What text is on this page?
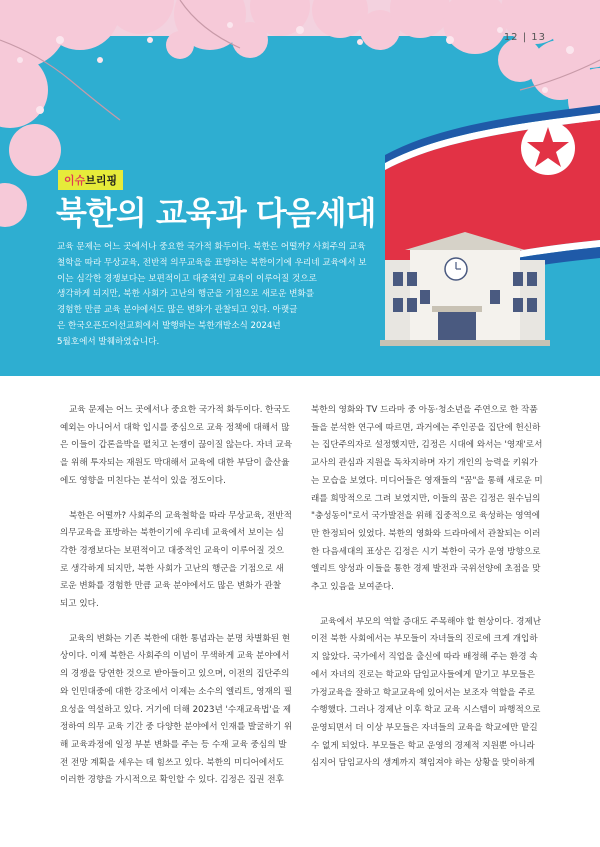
12 | 13
이슈브리핑
북한의 교육과 다음세대
교육 문제는 어느 곳에서나 중요한 국가적 화두이다. 북한은 어떨까? 사회주의 교육
철학을 따라 무상교육, 전반적 의무교육을 표방하는 북한이기에 우리네 교육에서 보
이는 심각한 경쟁보다는 보편적이고 대중적인 교육이 이루어질 것으로
생각하게 되지만, 북한 사회가 고난의 행군을 기점으로 새로운 변화를
경험한 만큼 교육 분야에서도 많은 변화가 관찰되고 있다. 아랫글
은 한국오픈도어선교회에서 발행하는 북한개발소식 2024년
5월호에서 발췌하였습니다.

교육 문제는 어느 곳에서나 중요한 국가적 화두이다. 한국도
예외는 아니어서 대학 입시를 중심으로 교육 정책에 대해서 많
은 이들이 갑론을박을 펼치고 논쟁이 끊이질 않는다. 자녀 교육
을 위해 투자되는 재원도 막대해서 교육에 대한 부담이 출산율
에도 영향을 미친다는 분석이 있을 정도이다.

북한은 어떨까? 사회주의 교육철학을 따라 무상교육, 전반적
의무교육을 표방하는 북한이기에 우리네 교육에서 보이는 심
각한 경쟁보다는 보편적이고 대중적인 교육이 이루어질 것으
로 생각하게 되지만, 북한 사회가 고난의 행군을 기점으로 새
로운 변화를 경험한 만큼 교육 분야에서도 많은 변화가 관찰
되고 있다.

교육의 변화는 기존 북한에 대한 통념과는 분명 차별화된 현
상이다. 이제 북한은 사회주의 이념이 무색하게 교육 분야에서
의 경쟁을 당연한 것으로 받아들이고 있으며, 이전의 집단주의
와 인민대중에 대한 강조에서 이제는 소수의 엘리트, 영재의 필
요성을 역설하고 있다. 거기에 더해 2023년 '수재교육법'을 제
정하여 의무 교육 기간 중 다양한 분야에서 인재를 발굴하기 위
해 교육과정에 일정 부분 변화를 주는 등 수재 교육 중심의 발
전 전망 계획을 세우는 데 힘쓰고 있다. 북한의 미디어에서도
이러한 경향을 가시적으로 확인할 수 있다. 김정은 집권 전후

북한의 영화와 TV 드라마 중 아동·청소년을 주연으로 한 작품
들을 분석한 연구에 따르면, 과거에는 주인공을 집단에 헌신하
는 집단주의자로 설정했지만, 김정은 시대에 와서는 '영재'로서
교사의 관심과 지원을 독차지하며 자기 개인의 능력을 키워가
는 모습을 보였다. 미디어들은 영재들의 "꿈"을 통해 새로운 미
래를 희망적으로 그려 보였지만, 이들의 꿈은 김정은 원수님의
"충성동이"로서 국가발전을 위해 집중적으로 육성하는 영역에
만 한정되어 있었다. 북한의 영화와 드라마에서 관찰되는 이러
한 다음세대의 표상은 김정은 시기 북한이 국가 운영 방향으로
엘리트 양성과 이들을 통한 경제 발전과 국위선양에 초점을 맞
추고 있음을 보여준다.

교육에서 부모의 역할 증대도 주목해야 할 현상이다. 경제난
이전 북한 사회에서는 부모들이 자녀들의 진로에 크게 개입하
지 않았다. 국가에서 직업을 출신에 따라 배정해 주는 환경 속
에서 자녀의 진로는 학교와 담임교사들에게 맡기고 부모들은
가정교육을 잘하고 학교교육에 있어서는 보조자 역할을 주로
수행했다. 그러나 경제난 이후 학교 교육 시스템이 파행적으로
운영되면서 더 이상 부모들은 자녀들의 교육을 학교에만 맡길
수 없게 되었다. 부모들은 학교 운영의 경제적 지원뿐 아니라
심지어 담임교사의 생계까지 책임져야 하는 상황을 맞이하게
